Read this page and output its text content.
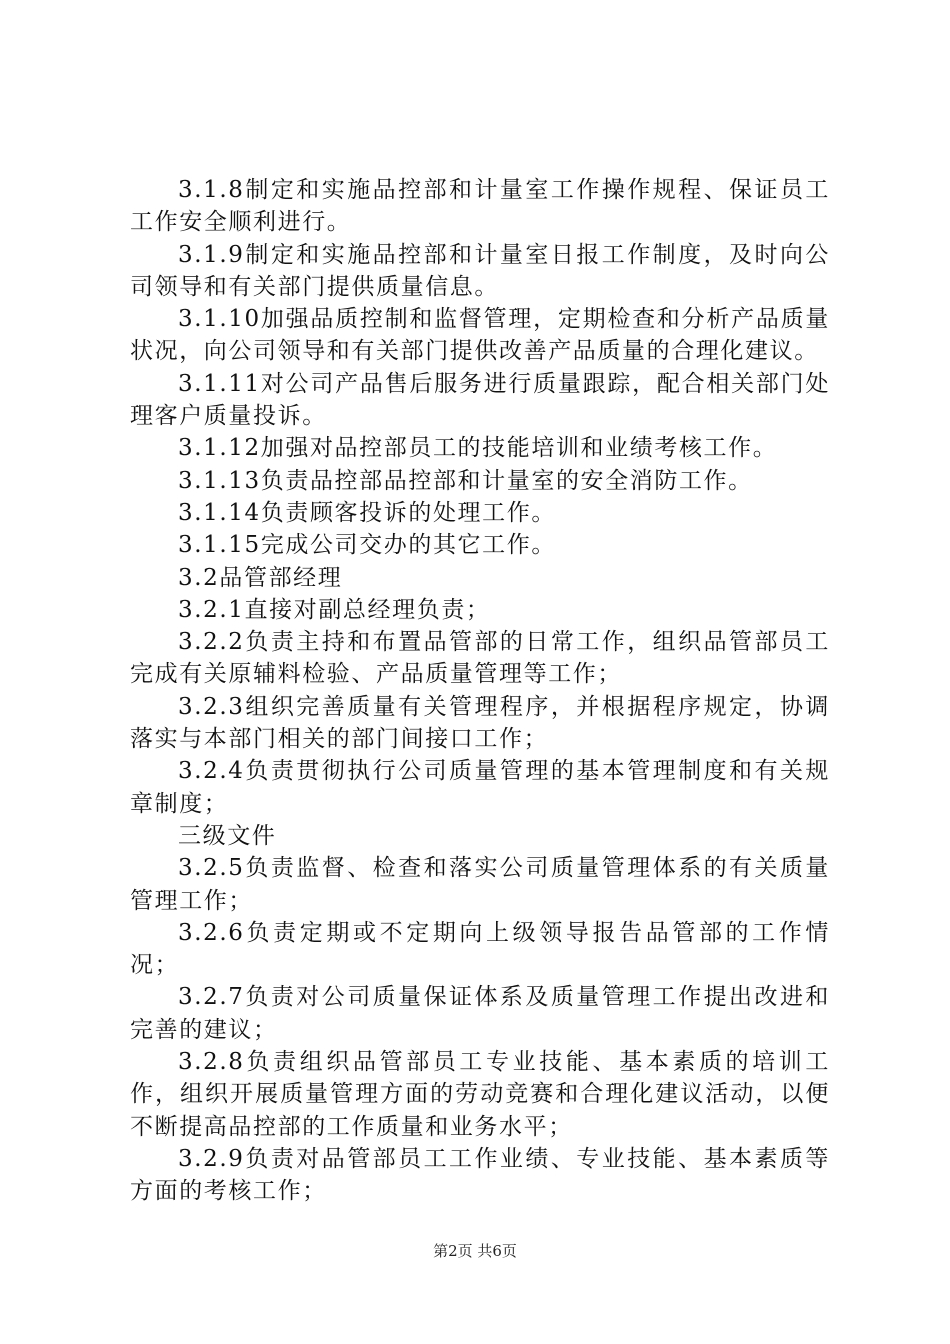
3.1.8制定和实施品控部和计量室工作操作规程、保证员工工作安全顺利进行。

3.1.9制定和实施品控部和计量室日报工作制度，及时向公司领导和有关部门提供质量信息。

3.1.10加强品质控制和监督管理，定期检查和分析产品质量状况，向公司领导和有关部门提供改善产品质量的合理化建议。

3.1.11对公司产品售后服务进行质量跟踪，配合相关部门处理客户质量投诉。

3.1.12加强对品控部员工的技能培训和业绩考核工作。

3.1.13负责品控部品控部和计量室的安全消防工作。

3.1.14负责顾客投诉的处理工作。

3.1.15完成公司交办的其它工作。

3.2品管部经理

3.2.1直接对副总经理负责；

3.2.2负责主持和布置品管部的日常工作，组织品管部员工完成有关原辅料检验、产品质量管理等工作；

3.2.3组织完善质量有关管理程序，并根据程序规定，协调落实与本部门相关的部门间接口工作；

3.2.4负责贯彻执行公司质量管理的基本管理制度和有关规章制度；

三级文件

3.2.5负责监督、检查和落实公司质量管理体系的有关质量管理工作；

3.2.6负责定期或不定期向上级领导报告品管部的工作情况；

3.2.7负责对公司质量保证体系及质量管理工作提出改进和完善的建议；

3.2.8负责组织品管部员工专业技能、基本素质的培训工作，组织开展质量管理方面的劳动竞赛和合理化建议活动，以便不断提高品控部的工作质量和业务水平；

3.2.9负责对品管部员工工作业绩、专业技能、基本素质等方面的考核工作；

第2页 共6页
